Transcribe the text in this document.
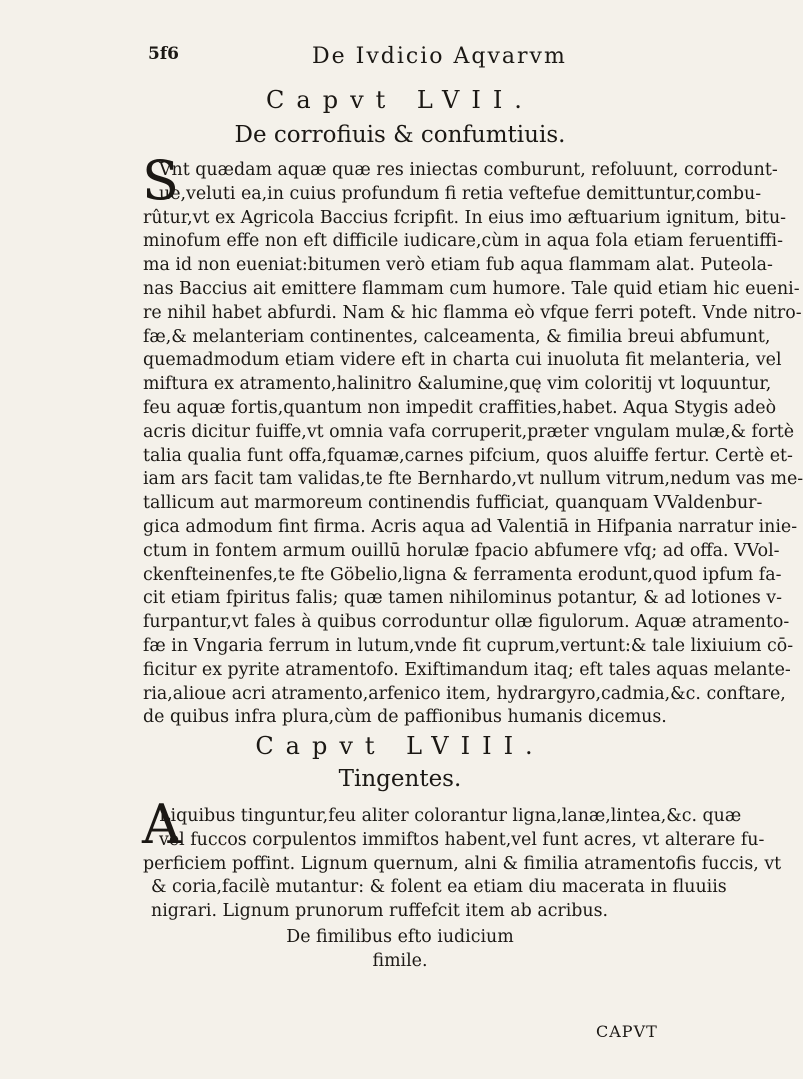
5f6	De Ivdicio Aqvarvm
Capvt LVII.
De corrofiuis & confumtiuis.
S
Vnt quædam aquæ quæ res iniectas comburunt, refoluunt, corrodunt-
ue,veluti ea,in cuius profundum fi retia veftefue demittuntur,combu-
rûtur,vt ex Agricola Baccius fcripfit. In eius imo æftuarium ignitum, bitu-
minofum effe non eft difficile iudicare,cùm in aqua fola etiam feruentiffi-
ma id non eueniat:bitumen verò etiam fub aqua flammam alat. Puteola-
nas Baccius ait emittere flammam cum humore. Tale quid etiam hic eueni-
re nihil habet abfurdi. Nam & hic flamma eò vfque ferri poteft. Vnde nitro-
fæ,& melanteriam continentes, calceamenta, & fimilia breui abfumunt,
quemadmodum etiam videre eft in charta cui inuoluta fit melanteria, vel
miftura ex atramento,halinitro &alumine,quę vim coloritij vt loquuntur,
feu aquæ fortis,quantum non impedit craffities,habet. Aqua Stygis adeò
acris dicitur fuiffe,vt omnia vafa corruperit,præter vngulam mulæ,& fortè
talia qualia funt offa,fquamæ,carnes pifcium, quos aluiffe fertur. Certè et-
iam ars facit tam validas,te fte Bernhardo,vt nullum vitrum,nedum vas me-
tallicum aut marmoreum continendis fufficiat, quanquam VValdenbur-
gica admodum fint firma. Acris aqua ad Valentiā in Hifpania narratur inie-
ctum in fontem armum ouillū horulæ fpacio abfumere vfq; ad offa. VVol-
ckenfteinenfes,te fte Göbelio,ligna & ferramenta erodunt,quod ipfum fa-
cit etiam fpiritus falis; quæ tamen nihilominus potantur, & ad lotiones v-
furpantur,vt fales à quibus corroduntur ollæ figulorum. Aquæ atramento-
fæ in Vngaria ferrum in lutum,vnde fit cuprum,vertunt:& tale lixiuium cō-
ficitur ex pyrite atramentofo. Exiftimandum itaq; eft tales aquas melante-
ria,alioue acri atramento,arfenico item, hydrargyro,cadmia,&c. conftare,
de quibus infra plura,cùm de paffionibus humanis dicemus.
Capvt LVIII.
Tingentes.
A
Liquibus tinguntur,feu aliter colorantur ligna,lanæ,lintea,&c. quæ
vel fuccos corpulentos immiftos habent,vel funt acres, vt alterare fu-
perficiem poffint. Lignum quernum, alni & fimilia atramentofis fuccis, vt
& coria,facilè mutantur: & folent ea etiam diu macerata in fluuiis
nigrari. Lignum prunorum ruffefcit item ab acribus.
De fimilibus efto iudicium
fimile.
CAPVT
